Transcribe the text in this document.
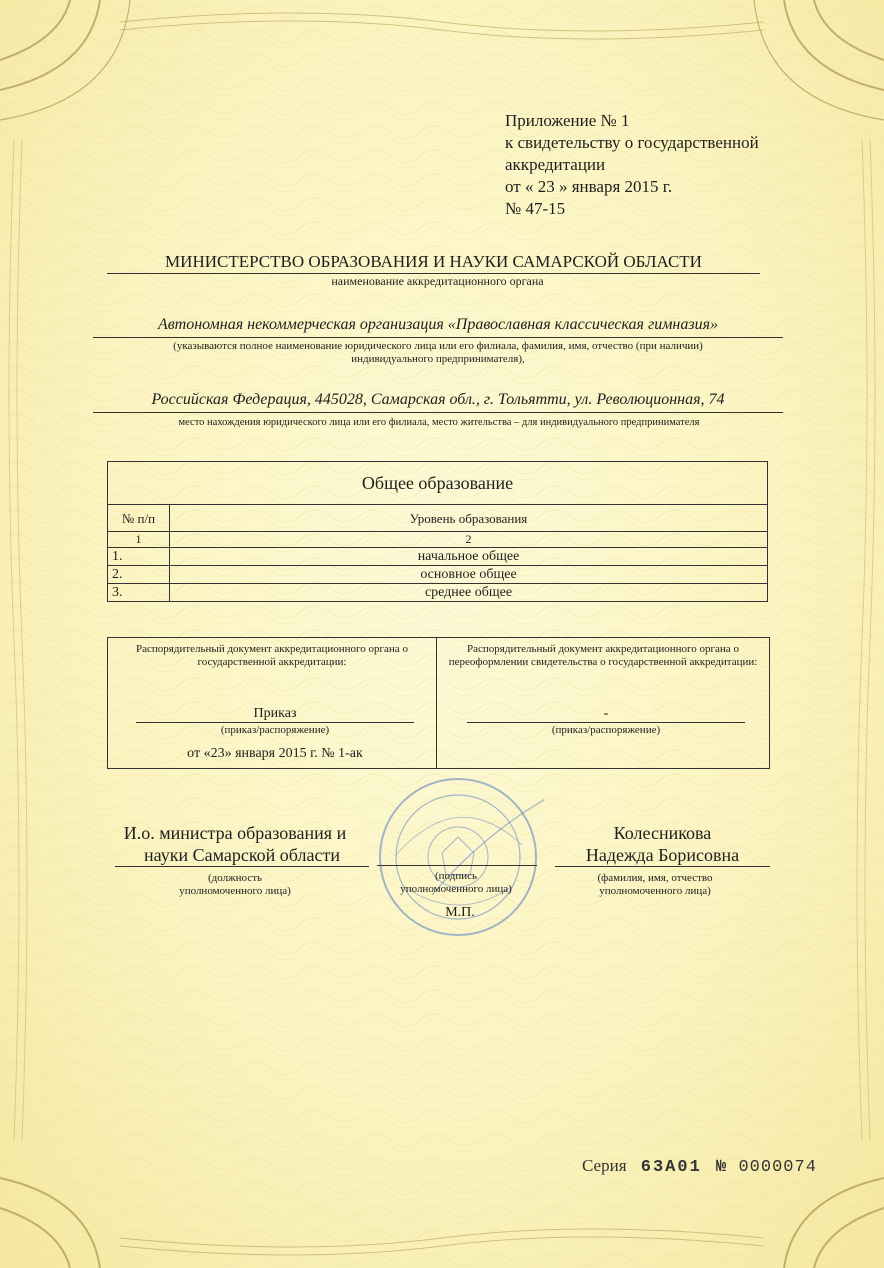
Приложение № 1
к свидетельству о государственной
аккредитации
от « 23 » января 2015 г.
№ 47-15
МИНИСТЕРСТВО ОБРАЗОВАНИЯ И НАУКИ САМАРСКОЙ ОБЛАСТИ
наименование аккредитационного органа
Автономная некоммерческая организация «Православная классическая гимназия»
(указываются полное наименование юридического лица или его филиала, фамилия, имя, отчество (при наличии)
индивидуального предпринимателя),
Российская Федерация, 445028, Самарская обл., г. Тольятти, ул. Революционная, 74
место нахождения юридического лица или его филиала, место жительства – для индивидуального предпринимателя
Общее образование	
№ п/п	Уровень образования
1	2
1.	начальное общее
2.	основное общее
3.	среднее общее
Распорядительный документ аккредитационного органа о государственной аккредитации:
Приказ
(приказ/распоряжение)
от «23» января 2015 г. № 1-ак
Распорядительный документ аккредитационного органа о переоформлении свидетельства о государственной аккредитации:
-
(приказ/распоряжение)
И.о. министра образования и
науки Самарской области
(должность
уполномоченного лица)
(подпись
уполномоченного лица)
М.П.
Колесникова
Надежда Борисовна
(фамилия, имя, отчество
уполномоченного лица)
Серия 63А01 № 0000074
